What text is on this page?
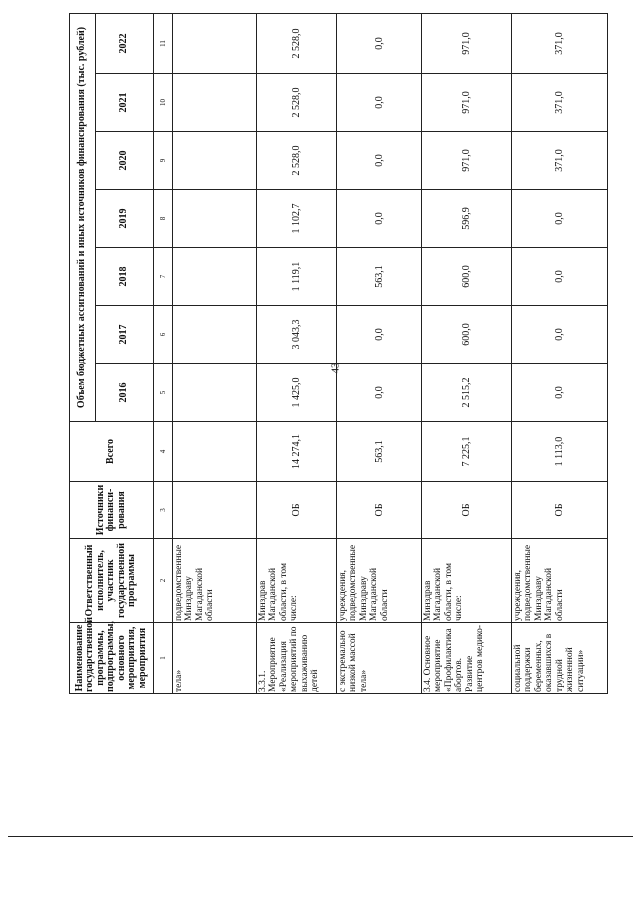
43
Наименование государственной программы, подпрограммы, основного мероприятия, мероприятия	Ответственный исполнитель, участник государственной программы	Источники финанси-рования	Всего	Объем бюджетных ассигнований и иных источников финансирования (тыс. рублей)						
				2016	2017	2018	2019	2020	2021	2022
1	2	3	4	5	6	7	8	9	10	11
тела»	подведомственные Минздраву Магаданской области									
3.3.1. Мероприятие «Реализация мероприятий по выхаживанию детей	Минздрав Магаданской области, в том числе:	ОБ	14 274,1	1 425,0	3 043,3	1 119,1	1 102,7	2 528,0	2 528,0	2 528,0
с экстремально низкой массой тела»	учреждения, подведомственные Минздраву Магаданской области	ОБ	563,1	0,0	0,0	563,1	0,0	0,0	0,0	0,0
3.4. Основное мероприятие «Профилактика абортов. Развитие центров медико-	Минздрав Магаданской области, в том числе:	ОБ	7 225,1	2 515,2	600,0	600,0	596,9	971,0	971,0	971,0
социальной поддержки беременных, оказавшихся в трудной жизненной ситуации»	учреждения, подведомственные Минздраву Магаданской области	ОБ	1 113,0	0,0	0,0	0,0	0,0	371,0	371,0	371,0
